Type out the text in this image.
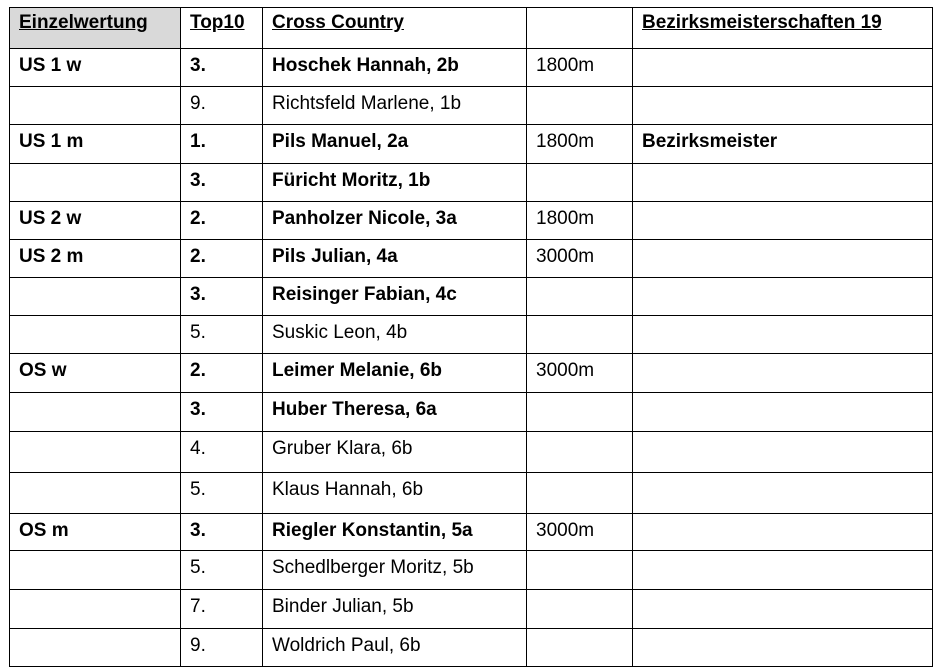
Einzelwertung	Top10	Cross Country		Bezirksmeisterschaften 19

US 1 w	3.	Hoschek Hannah, 2b	1800m	

	9.	Richtsfeld Marlene, 1b		

US 1 m	1.	Pils Manuel, 2a	1800m	Bezirksmeister

	3.	Füricht Moritz, 1b		

US 2 w	2.	Panholzer Nicole, 3a	1800m	

US 2 m	2.	Pils Julian, 4a	3000m	

	3.	Reisinger Fabian, 4c		

	5.	Suskic Leon, 4b		

OS w	2.	Leimer Melanie, 6b	3000m	

	3.	Huber Theresa, 6a		

	4.	Gruber Klara, 6b		

	5.	Klaus Hannah, 6b		

OS m	3.	Riegler Konstantin, 5a	3000m	

	5.	Schedlberger Moritz, 5b		

	7.	Binder Julian, 5b		

	9.	Woldrich Paul, 6b		
